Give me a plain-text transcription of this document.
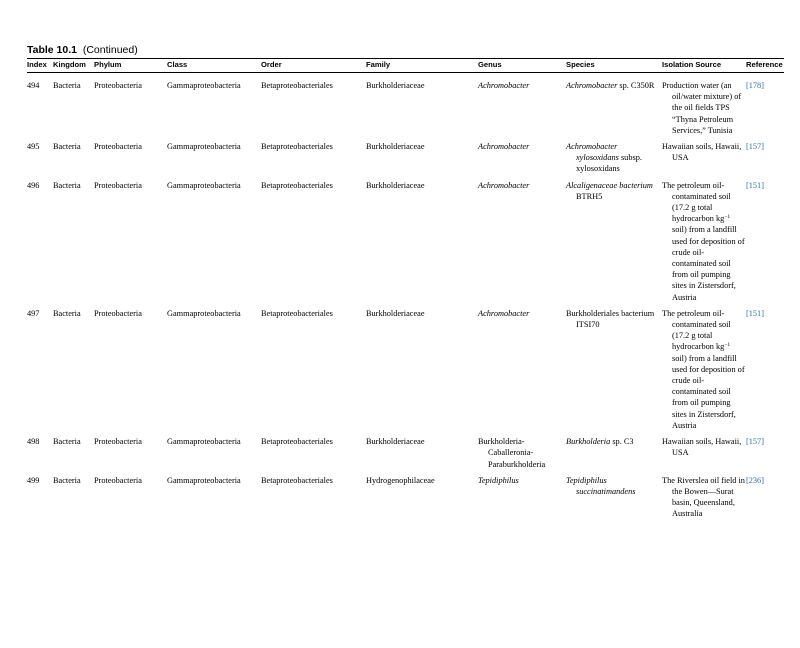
Table 10.1 (Continued)
Index	Kingdom	Phylum	Class	Order	Family	Genus	Species	Isolation Source	Reference
494	Bacteria	Proteobacteria	Gammaproteobacteria	Betaproteobacteriales	Burkholderiaceae	Achromobacter	Achromobacter sp. C350R	Production water (an oil/water mixture) of the oil fields TPS “Thyna Petroleum Services,” Tunisia	[178]
495	Bacteria	Proteobacteria	Gammaproteobacteria	Betaproteobacteriales	Burkholderiaceae	Achromobacter	Achromobacter xylosoxidans subsp. xylosoxidans	Hawaiian soils, Hawaii, USA	[157]
496	Bacteria	Proteobacteria	Gammaproteobacteria	Betaproteobacteriales	Burkholderiaceae	Achromobacter	Alcaligenaceae bacterium BTRH5	The petroleum oil-contaminated soil (17.2 g total hydrocarbon $kg^{-1}$ soil) from a landfill used for deposition of crude oil-contaminated soil from oil pumping sites in Zistersdorf, Austria	[151]
497	Bacteria	Proteobacteria	Gammaproteobacteria	Betaproteobacteriales	Burkholderiaceae	Achromobacter	Burkholderiales bacterium ITSI70	The petroleum oil-contaminated soil (17.2 g total hydrocarbon $kg^{-1}$ soil) from a landfill used for deposition of crude oil-contaminated soil from oil pumping sites in Zistersdorf, Austria	[151]
498	Bacteria	Proteobacteria	Gammaproteobacteria	Betaproteobacteriales	Burkholderiaceae	Burkholderia-Caballeronia-Paraburkholderia	Burkholderia sp. C3	Hawaiian soils, Hawaii, USA	[157]
499	Bacteria	Proteobacteria	Gammaproteobacteria	Betaproteobacteriales	Hydrogenophilaceae	Tepidiphilus	Tepidiphilus succinatimandens	The Riversleа oil field in the Bowen—Surat basin, Queensland, Australia	[236]
